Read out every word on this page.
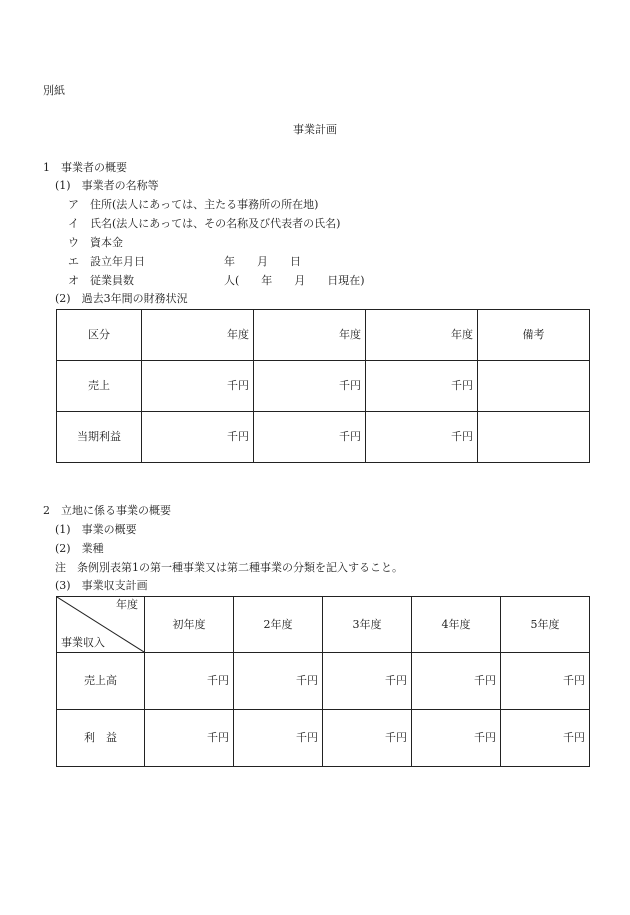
別紙
事業計画
1　事業者の概要
(1)　事業者の名称等
ア　住所(法人にあっては、主たる事務所の所在地)
イ　氏名(法人にあっては、その名称及び代表者の氏名)
ウ　資本金
エ　設立年月日	年　　月　　日
オ　従業員数	人(　　年　　月　　日現在)
(2)　過去3年間の財務状況
区分	年度	年度	年度	備考
売上	千円	千円	千円	
当期利益	千円	千円	千円	
2　立地に係る事業の概要
(1)　事業の概要
(2)　業種
注　条例別表第1の第一種事業又は第二種事業の分類を記入すること。
(3)　事業収支計画
年度
事業収入	初年度	2年度	3年度	4年度	5年度
売上高	千円	千円	千円	千円	千円
利　益	千円	千円	千円	千円	千円
